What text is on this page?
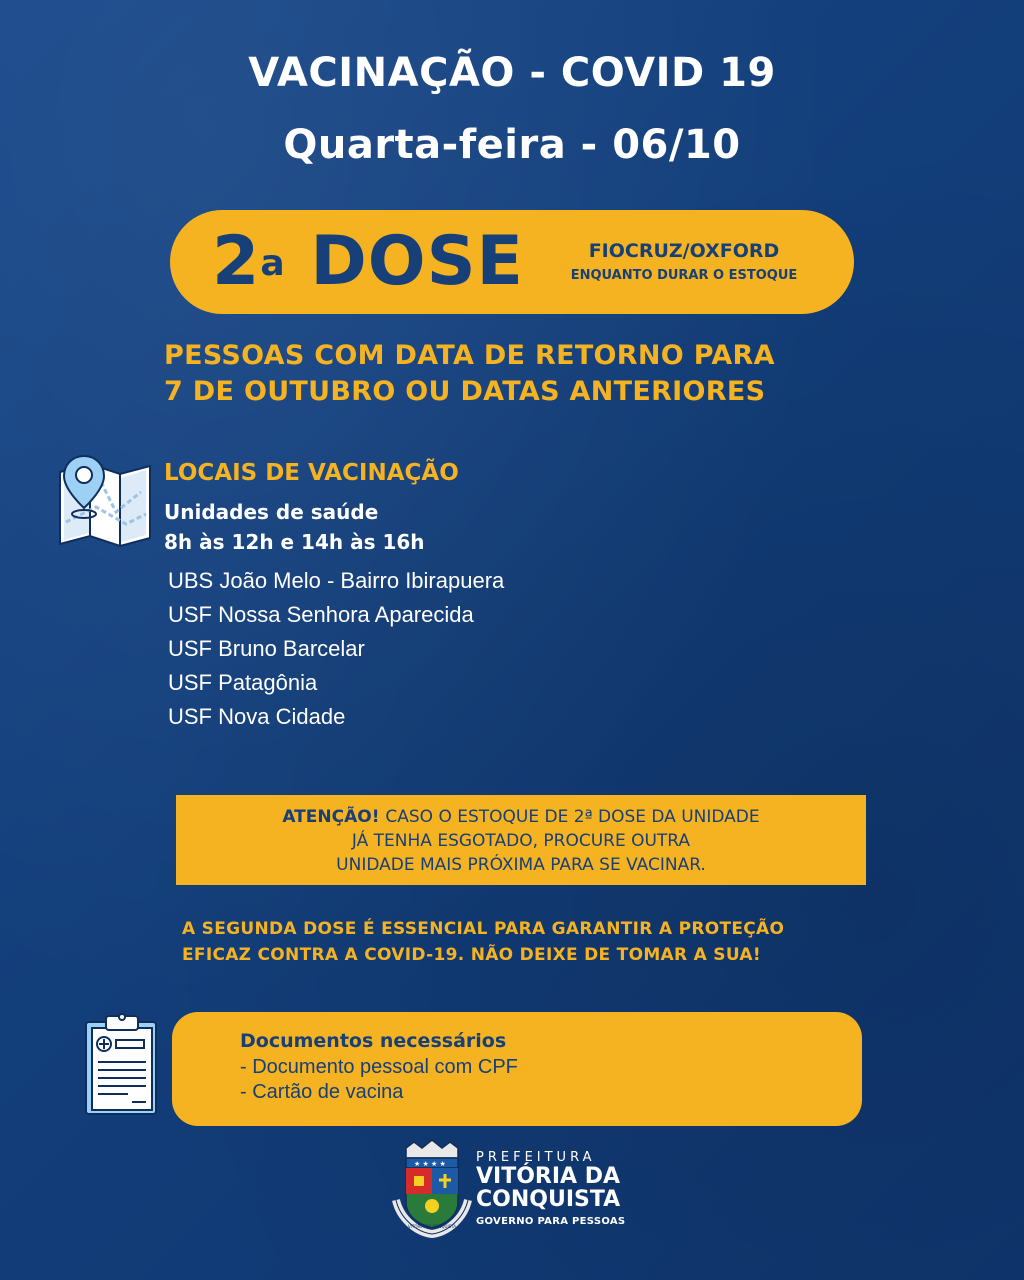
VACINAÇÃO - COVID 19
Quarta-feira - 06/10
2$^a$ DOSE	FIOCRUZ/OXFORD
ENQUANTO DURAR O ESTOQUE
PESSOAS COM DATA DE RETORNO PARA
7 DE OUTUBRO OU DATAS ANTERIORES
LOCAIS DE VACINAÇÃO
Unidades de saúde
8h às 12h e 14h às 16h
UBS João Melo - Bairro Ibirapuera
USF Nossa Senhora Aparecida
USF Bruno Barcelar
USF Patagônia
USF Nova Cidade
ATENÇÃO! CASO O ESTOQUE DE 2ª DOSE DA UNIDADE
JÁ TENHA ESGOTADO, PROCURE OUTRA
UNIDADE MAIS PRÓXIMA PARA SE VACINAR.
A SEGUNDA DOSE É ESSENCIAL PARA GARANTIR A PROTEÇÃO
EFICAZ CONTRA A COVID-19. NÃO DEIXE DE TOMAR A SUA!
Documentos necessários
- Documento pessoal com CPF
- Cartão de vacina
★ ★ ★ ★
VITÓRIA DA CONQUISTA
PREFEITURA
VITÓRIA DA
CONQUISTA
GOVERNO PARA PESSOAS
